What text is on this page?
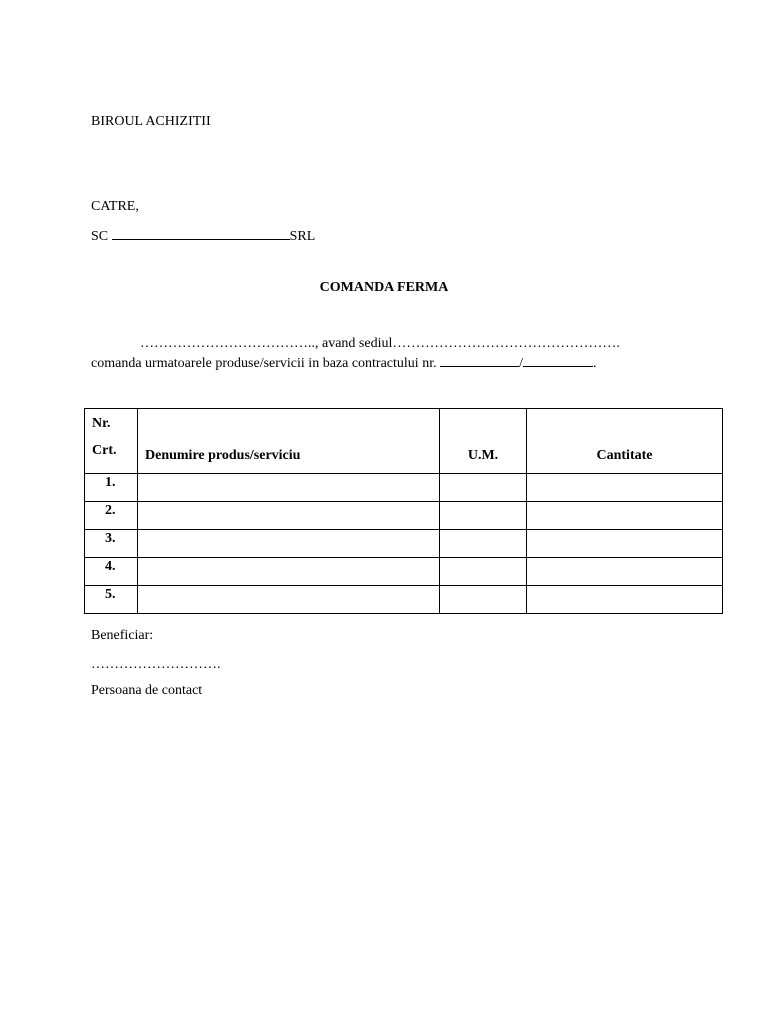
BIROUL ACHIZITII
CATRE,
SC	SRL
COMANDA FERMA
……………………………….., avand sediul………………………………………….
comanda urmatoarele produse/servicii in baza contractului nr.	/	.
Nr.
Crt.	Denumire produs/serviciu	U.M.	Cantitate
1.			
2.			
3.			
4.			
5.			
Beneficiar:
……………………….
Persoana de contact
